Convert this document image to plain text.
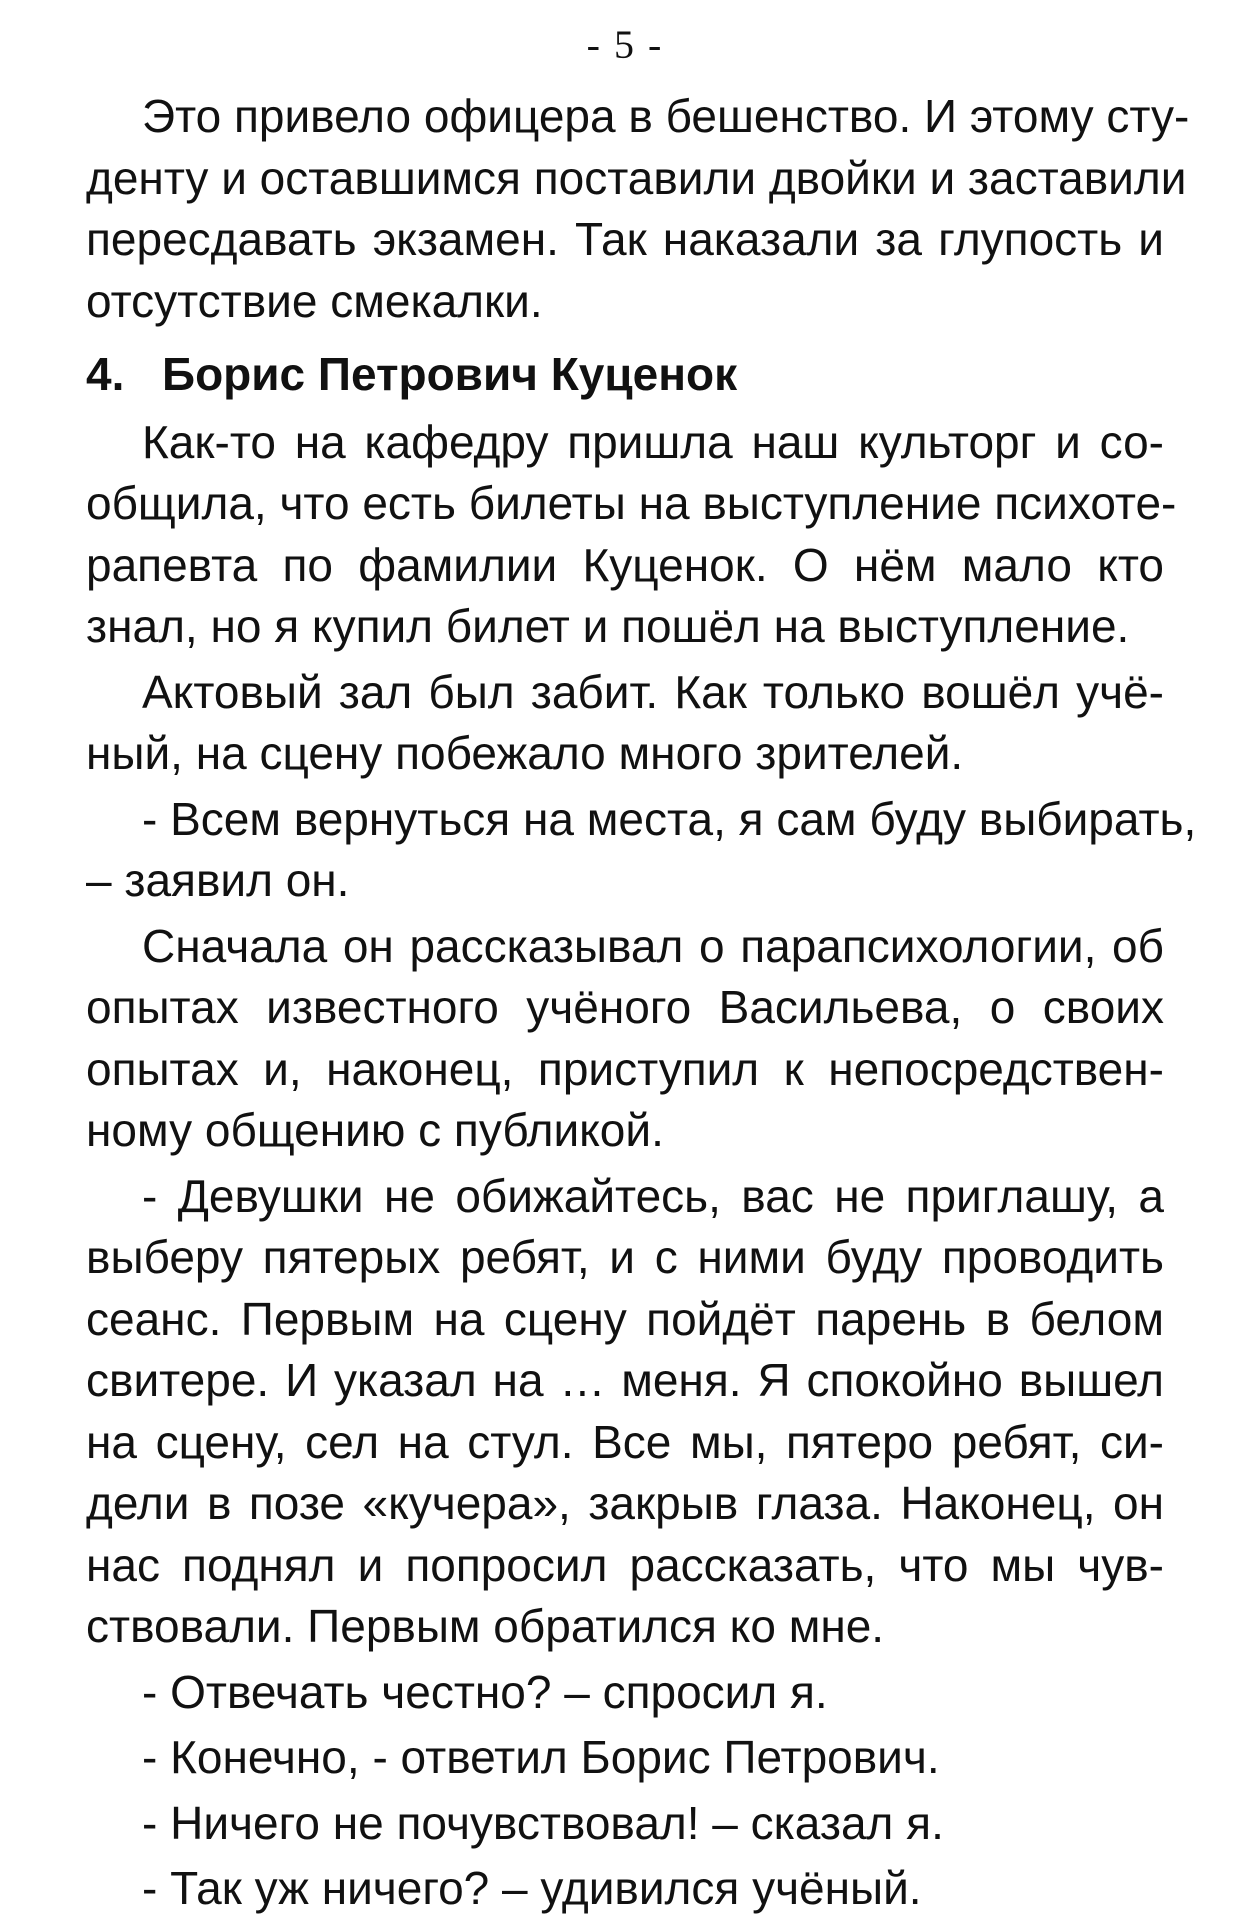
- 5 -
Это привело офицера в бешенство. И этому сту-
денту и оставшимся поставили двойки и заставили
пересдавать экзамен. Так наказали за глупость и
отсутствие смекалки.
4. Борис Петрович Куценок
Как-то на кафедру пришла наш культорг и со-
общила, что есть билеты на выступление психоте-
рапевта по фамилии Куценок. О нём мало кто
знал, но я купил билет и пошёл на выступление.
Актовый зал был забит. Как только вошёл учё-
ный, на сцену побежало много зрителей.
- Всем вернуться на места, я сам буду выбирать,
– заявил он.
Сначала он рассказывал о парапсихологии, об
опытах известного учёного Васильева, о своих
опытах и, наконец, приступил к непосредствен-
ному общению с публикой.
- Девушки не обижайтесь, вас не приглашу, а
выберу пятерых ребят, и с ними буду проводить
сеанс. Первым на сцену пойдёт парень в белом
свитере. И указал на … меня. Я спокойно вышел
на сцену, сел на стул. Все мы, пятеро ребят, си-
дели в позе «кучера», закрыв глаза. Наконец, он
нас поднял и попросил рассказать, что мы чув-
ствовали. Первым обратился ко мне.
- Отвечать честно? – спросил я.
- Конечно, - ответил Борис Петрович.
- Ничего не почувствовал! – сказал я.
- Так уж ничего? – удивился учёный.
